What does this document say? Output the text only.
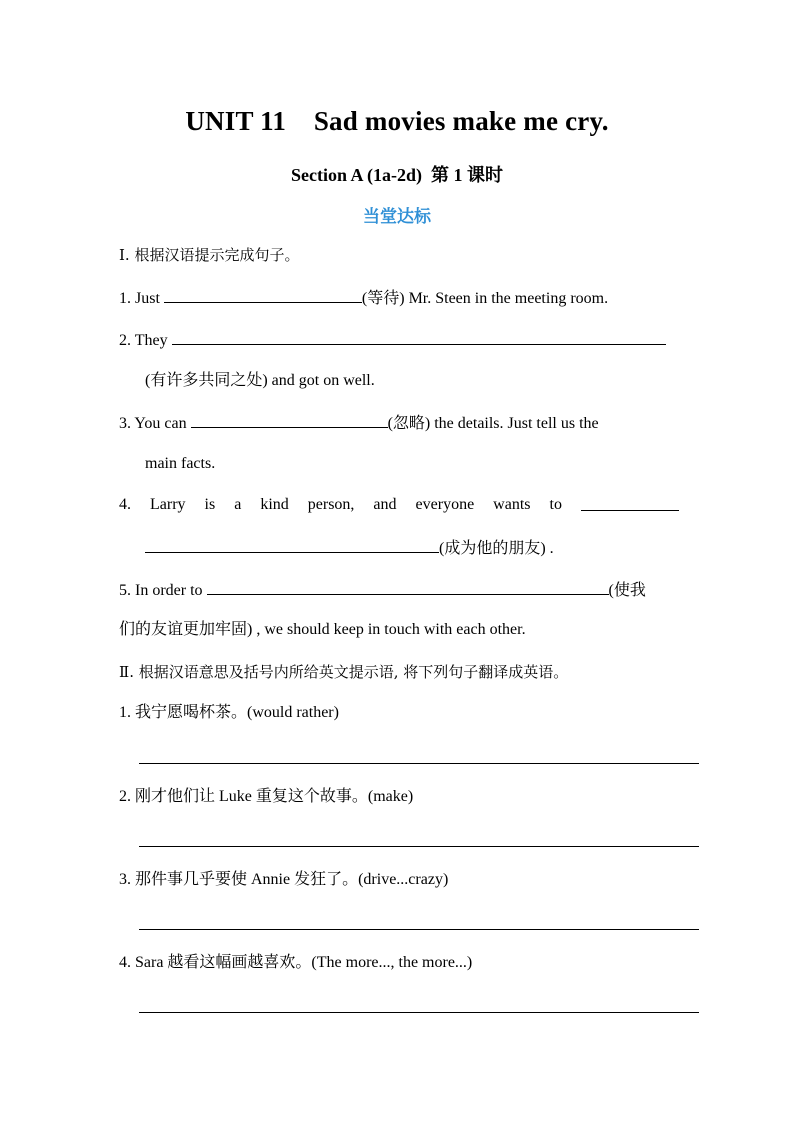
UNIT 11    Sad movies make me cry.
Section A (1a-2d)  第 1 课时
当堂达标
I. 根据汉语提示完成句子。
1. Just	(等待) Mr. Steen in the meeting room.
2. They
(有许多共同之处) and got on well.
3. You can	(忽略) the details. Just tell us the
main facts.
4. Larry is a kind person, and everyone wants to
(成为他的朋友) .
5. In order to	(使我
们的友谊更加牢固) , we should keep in touch with each other.
Ⅱ. 根据汉语意思及括号内所给英文提示语, 将下列句子翻译成英语。
1. 我宁愿喝杯茶。(would rather)
2. 刚才他们让 Luke 重复这个故事。(make)
3. 那件事几乎要使 Annie 发狂了。(drive...crazy)
4. Sara 越看这幅画越喜欢。(The more..., the more...)
